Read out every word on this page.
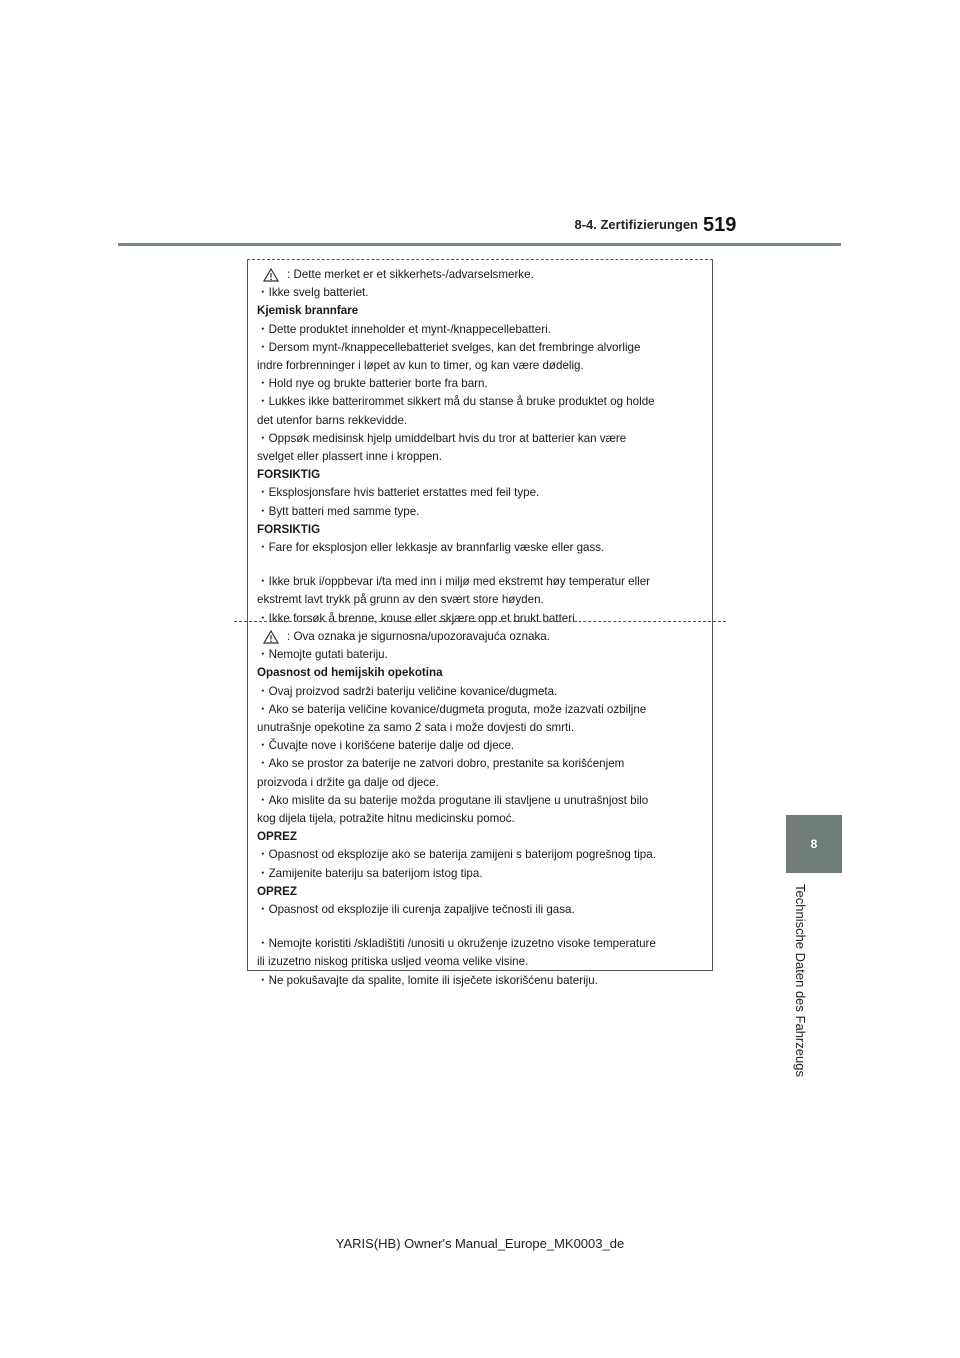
8-4. Zertifizierungen 519
8
Technische Daten des Fahrzeugs
: Dette merket er et sikkerhets-/advarselsmerke.
・Ikke svelg batteriet.
Kjemisk brannfare
・Dette produktet inneholder et mynt-/knappecellebatteri.
・Dersom mynt-/knappecellebatteriet svelges, kan det frembringe alvorlige
indre forbrenninger i løpet av kun to timer, og kan være dødelig.
・Hold nye og brukte batterier borte fra barn.
・Lukkes ikke batterirommet sikkert må du stanse å bruke produktet og holde
det utenfor barns rekkevidde.
・Oppsøk medisinsk hjelp umiddelbart hvis du tror at batterier kan være
svelget eller plassert inne i kroppen.
FORSIKTIG
・Eksplosjonsfare hvis batteriet erstattes med feil type.
・Bytt batteri med samme type.
FORSIKTIG
・Fare for eksplosjon eller lekkasje av brannfarlig væske eller gass.
・Ikke bruk i/oppbevar i/ta med inn i miljø med ekstremt høy temperatur eller
ekstremt lavt trykk på grunn av den svært store høyden.
・Ikke forsøk å brenne, knuse eller skjære opp et brukt batteri.
: Ova oznaka je sigurnosna/upozoravajuća oznaka.
・Nemojte gutati bateriju.
Opasnost od hemijskih opekotina
・Ovaj proizvod sadrži bateriju veličine kovanice/dugmeta.
・Ako se baterija veličine kovanice/dugmeta proguta, može izazvati ozbiljne
unutrašnje opekotine za samo 2 sata i može dovjesti do smrti.
・Čuvajte nove i korišćene baterije dalje od djece.
・Ako se prostor za baterije ne zatvori dobro, prestanite sa korišćenjem
proizvoda i držite ga dalje od djece.
・Ako mislite da su baterije možda progutane ili stavljene u unutrašnjost bilo
kog dijela tijela, potražite hitnu medicinsku pomoć.
OPREZ
・Opasnost od eksplozije ako se baterija zamijeni s baterijom pogrešnog tipa.
・Zamijenite bateriju sa baterijom istog tipa.
OPREZ
・Opasnost od eksplozije ili curenja zapaljive tečnosti ili gasa.
・Nemojte koristiti /skladištiti /unositi u okruženje izuzetno visoke temperature
ili izuzetno niskog pritiska usljed veoma velike visine.
・Ne pokušavajte da spalite, lomite ili isječete iskorišćenu bateriju.
YARIS(HB) Owner's Manual_Europe_MK0003_de
